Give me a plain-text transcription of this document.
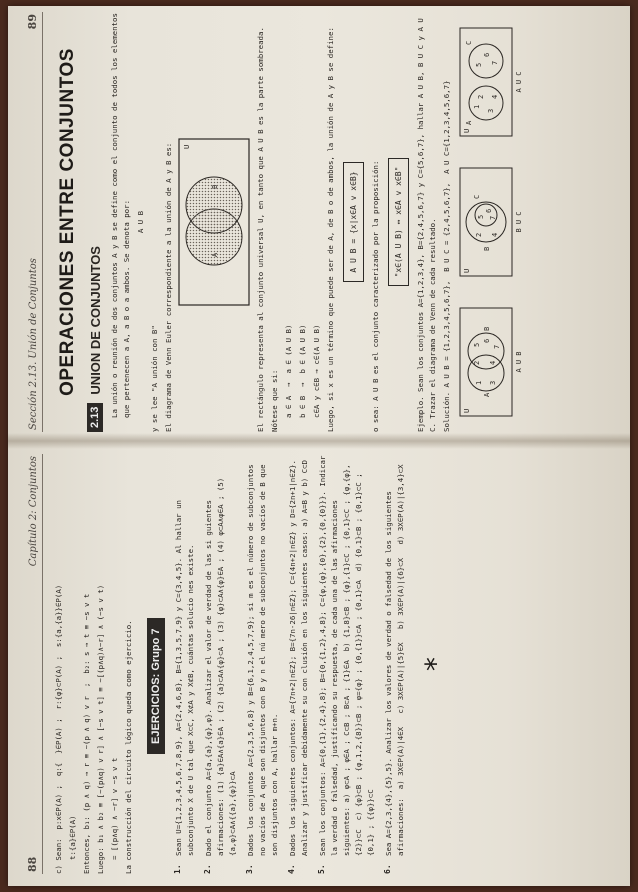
Sección 2.13. Unión de Conjuntos
89
OPERACIONES ENTRE CONJUNTOS
2.13
UNION DE CONJUNTOS La unión o reunión de dos conjuntos A y B se define como el conjunto de todos los elementos que pertenecen a A, a B o a ambos. Se denota por: A U B

y se lee "A unión con B" El diagrama de Venn Euler correspondiente a la unión de A y B es: U
A
B	El rectángulo representa al conjunto universal U, en tanto que A U B es la parte sombreada. Nótese que si: a ∈ A  →  a ∈ (A U B) b ∈ B  →  b ∈ (A U B) c∈A y c∈B → c∈(A U B) Luego, si x es un término que puede ser de A, de B o de ambos, la unión de A y B se define:	A U B = {x|x∈A v x∈B}	o sea: A U B es el conjunto caracterizado por la proposición:	"x∈(A U B) ↔ x∈A v x∈B"	Ejemplo. Sean los conjuntos A={1,2,3,4}, B={2,4,5,6,7} y C={5,6,7}, hallar A U B, B U C y A U C. Trazar el diagrama de Venn de cada resultado. Solución. A U B = {1,2,3,4,5,6,7},  B U C = {2,4,5,6,7},  A U C={1,2,3,4,5,6,7} U
A
B
1
2
3
4
5
6
7
A U B
U
B
C
2 4
5
6
7	B U C
U
A
C
1
2
3
4
5
6
7
A U C
88
Capítulo 2: Conjuntos

c) Sean:  p:x∈P(A) ;  q:{  }∈P(A) ;  r:{φ}⊂P(A) ;  s:{a,{a}}∈P(A) t:{a}∈P(A) Entonces, b₁: (p ∧ q) → r ≡ ~(p ∧ q) v r  ;  b₂: s → t ≡ ~s v t Luego: b₁ ∧ b₂ ≡ [~(p∧q) v r] ∧ [~s v t] ≡ ~[(p∧q)∧~r] ∧ (~s v t) = [(p∧q) ∧ ~r] v ~s v t La construcción del circuito lógico queda como ejercicio. EJERCICIOS: Grupo 7
1.
Sean U={1,2,3,4,5,6,7,8,9}, A={2,4,6,8}, B={1,3,5,7,9} y C={3,4,5}. Al hallar un subconjunto X de U tal que X⊂C, X⊄A y X⊄B, cuántas solucio nes existe.
2.
Dado el conjunto A={a,{a},{φ},φ}. Analizar el valor de verdad de las si guientes afirmaciones: (1) {a}∈A∧{a}∈A ; (2) {a}⊂A∧{φ}⊂A ; (3) {φ}⊂A∧{φ}∈A ; (4) φ⊂A∧φ∈A ; (5) {a,φ}⊂A∧{{a},{φ}}⊂A
3.
Dados los conjuntos A={2,3,5,6,8} y B={6,1,2,4,5,7,9}; si m es el número de subconjuntos no vacíos de A que son disjuntos con B y n el nú mero de subconjuntos no vacíos de B que son disjuntos con A, hallar m+n.
4.
Dados los siguientes conjuntos: A={7n+2|n∈Z}; B={7n-26|n∈Z}; C={4n+2|n∈Z} y D={2n+1|n∈Z}. Analizar y justificar debidamente su con clusión en los siguientes casos: a) A=B y b) C⊂D
5.
Sean los conjuntos: A={0,{1},{2,4},8}; B={0,{1,2},4,8}; C={φ,{φ},{0},{2},{0,{0}}}. Indicar la verdad o falsedad, justificando su respuesta, de cada una de las afirmaciones siguientes: a) φ⊂A ; φ∈A ; C⊂B ; B⊂A ; {1}∈A  b) {1,8}⊂B ; {φ},{1}⊂C ; {0,1}⊂C ; {φ,{φ},{2}}⊂C  c) {φ}⊂B ; {φ,1,2,{8}}⊂B ; φ={φ} ; {0,{1}}⊂A ; {0,1}⊂A  d) {0,1}⊂B ; {0,1}⊂C ; {0,1} ; {{φ}}⊂C
6.
Sea A={2,3,{4},{5},5}. Analizar los valores de verdad o falsedad de los siguientes afirmaciones:  a) 3X∈P(A)|4∈X   c) 3X∈P(A)|{5}∈X   b) 3X∈P(A)|{6}⊂X   d) 3X∈P(A)|{3,4}⊂X *
